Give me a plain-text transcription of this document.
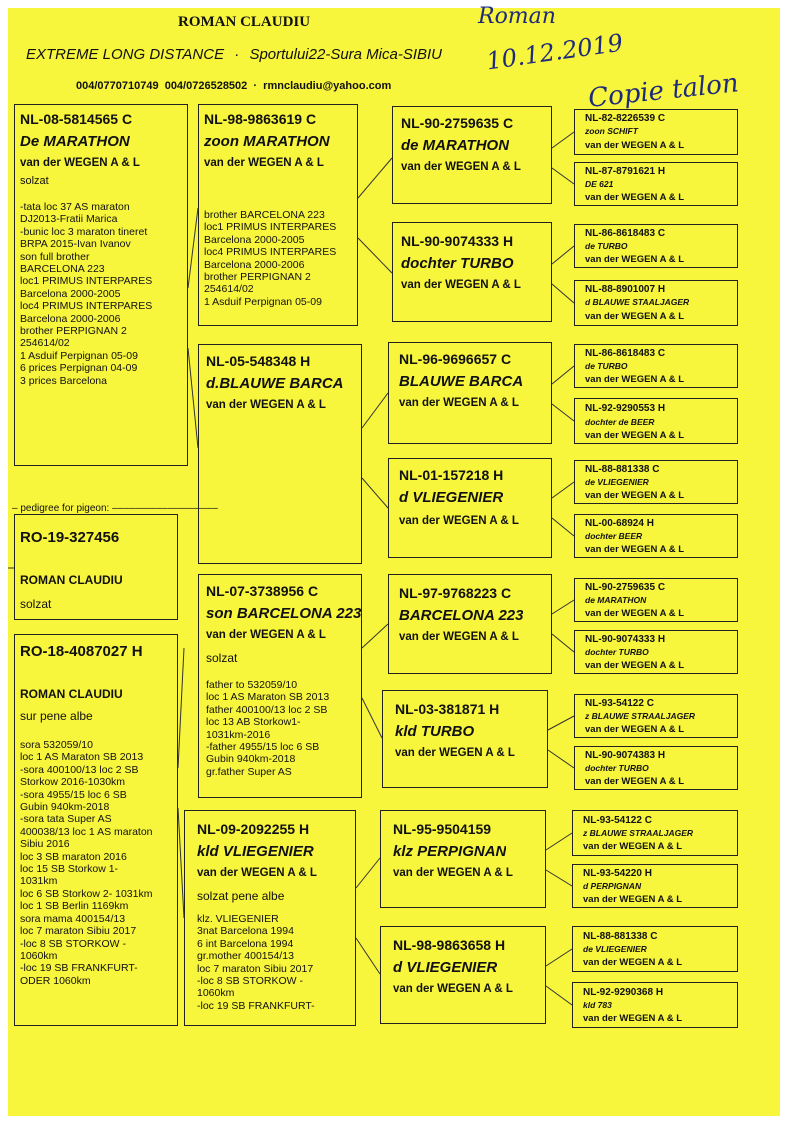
ROMAN CLAUDIU
EXTREME LONG DISTANCE · Sportului22-Sura Mica-SIBIU
004/0770710749  004/0726528502  ·  rmnclaudiu@yahoo.com
Roman
10.12.2019
Copie talon
NL-08-5814565 C
De MARATHON
van der WEGEN A & L
solzat
-tata loc 37 AS maraton
DJ2013-Fratii Marica
-bunic loc 3 maraton tineret
BRPA 2015-Ivan Ivanov
son full brother
BARCELONA 223
loc1 PRIMUS INTERPARES
Barcelona 2000-2005
loc4 PRIMUS INTERPARES
Barcelona 2000-2006
brother PERPIGNAN 2
254614/02
1 Asduif Perpignan 05-09
6 prices Perpignan 04-09
3 prices Barcelona
– pedigree for pigeon: –––––––––––––––––––
RO-19-327456
ROMAN CLAUDIU
solzat
RO-18-4087027 H
ROMAN CLAUDIU
sur pene albe
sora 532059/10
loc 1 AS Maraton SB 2013
-sora 400100/13 loc 2 SB
Storkow 2016-1030km
-sora 4955/15 loc 6 SB
Gubin 940km-2018
-sora tata Super AS
400038/13 loc 1 AS maraton
Sibiu 2016
loc 3 SB maraton 2016
loc 15 SB Storkow 1-
1031km
loc 6 SB Storkow 2- 1031km
loc 1 SB Berlin 1169km
sora mama 400154/13
loc 7 maraton Sibiu 2017
-loc 8 SB STORKOW -
1060km
-loc 19 SB FRANKFURT-
ODER 1060km
NL-98-9863619 C
zoon MARATHON
van der WEGEN A & L
brother BARCELONA 223
loc1 PRIMUS INTERPARES
Barcelona 2000-2005
loc4 PRIMUS INTERPARES
Barcelona 2000-2006
brother PERPIGNAN 2
254614/02
1 Asduif Perpignan 05-09
NL-05-548348 H
d.BLAUWE BARCA
van der WEGEN A & L
NL-07-3738956 C
son BARCELONA 223
van der WEGEN A & L
solzat
father to 532059/10
loc 1 AS Maraton SB 2013
father 400100/13 loc 2 SB
loc 13 AB Storkow1-
1031km-2016
-father 4955/15 loc 6 SB
Gubin 940km-2018
gr.father Super AS
NL-09-2092255 H
kld VLIEGENIER
van der WEGEN A & L
solzat pene albe
klz. VLIEGENIER
3nat Barcelona 1994
6 int Barcelona 1994
gr.mother 400154/13
loc 7 maraton Sibiu 2017
-loc 8 SB STORKOW -
1060km
-loc 19 SB FRANKFURT-
NL-90-2759635 C
de MARATHON
van der WEGEN A & L
NL-90-9074333 H
dochter TURBO
van der WEGEN A & L
NL-96-9696657 C
BLAUWE BARCA
van der WEGEN A & L
NL-01-157218 H
d VLIEGENIER
van der WEGEN A & L
NL-97-9768223 C
BARCELONA 223
van der WEGEN A & L
NL-03-381871 H
kld TURBO
van der WEGEN A & L
NL-95-9504159
klz PERPIGNAN
van der WEGEN A & L
NL-98-9863658 H
d VLIEGENIER
van der WEGEN A & L
NL-82-8226539 C
zoon SCHIFT
van der WEGEN A & L
NL-87-8791621 H
DE 621
van der WEGEN A & L
NL-86-8618483 C
de TURBO
van der WEGEN A & L
NL-88-8901007 H
d BLAUWE STAALJAGER
van der WEGEN A & L
NL-86-8618483 C
de TURBO
van der WEGEN A & L
NL-92-9290553 H
dochter de BEER
van der WEGEN A & L
NL-88-881338 C
de VLIEGENIER
van der WEGEN A & L
NL-00-68924 H
dochter BEER
van der WEGEN A & L
NL-90-2759635 C
de MARATHON
van der WEGEN A & L
NL-90-9074333 H
dochter TURBO
van der WEGEN A & L
NL-93-54122 C
z BLAUWE STRAALJAGER
van der WEGEN A & L
NL-90-9074383 H
dochter TURBO
van der WEGEN A & L
NL-93-54122 C
z BLAUWE STRAALJAGER
van der WEGEN A & L
NL-93-54220 H
d PERPIGNAN
van der WEGEN A & L
NL-88-881338 C
de VLIEGENIER
van der WEGEN A & L
NL-92-9290368 H
kld 783
van der WEGEN A & L
